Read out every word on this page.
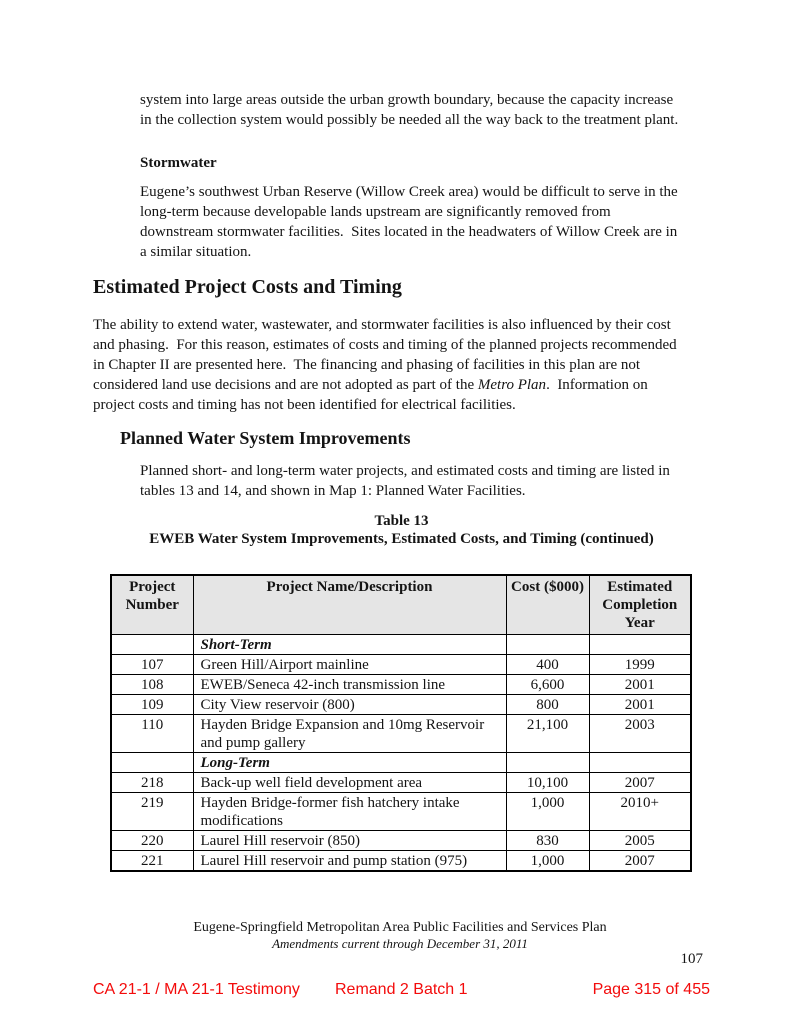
system into large areas outside the urban growth boundary, because the capacity increase
in the collection system would possibly be needed all the way back to the treatment plant.
Stormwater
Eugene’s southwest Urban Reserve (Willow Creek area) would be difficult to serve in the
long-term because developable lands upstream are significantly removed from
downstream stormwater facilities.  Sites located in the headwaters of Willow Creek are in
a similar situation.
Estimated Project Costs and Timing
The ability to extend water, wastewater, and stormwater facilities is also influenced by their cost
and phasing.  For this reason, estimates of costs and timing of the planned projects recommended
in Chapter II are presented here.  The financing and phasing of facilities in this plan are not
considered land use decisions and are not adopted as part of the Metro Plan.  Information on
project costs and timing has not been identified for electrical facilities.
Planned Water System Improvements
Planned short- and long-term water projects, and estimated costs and timing are listed in
tables 13 and 14, and shown in Map 1: Planned Water Facilities.
Table 13
EWEB Water System Improvements, Estimated Costs, and Timing (continued)
Project Number	Project Name/Description	Cost ($000)	Estimated Completion Year
	Short-Term		
107	Green Hill/Airport mainline	400	1999
108	EWEB/Seneca 42-inch transmission line	6,600	2001
109	City View reservoir (800)	800	2001
110	Hayden Bridge Expansion and 10mg Reservoir and pump gallery	21,100	2003
	Long-Term		
218	Back-up well field development area	10,100	2007
219	Hayden Bridge-former fish hatchery intake modifications	1,000	2010+
220	Laurel Hill reservoir (850)	830	2005
221	Laurel Hill reservoir and pump station (975)	1,000	2007
Eugene-Springfield Metropolitan Area Public Facilities and Services Plan
Amendments current through December 31, 2011
107
CA 21-1 / MA 21-1 Testimony Remand 2 Batch 1	Page 315 of 455
